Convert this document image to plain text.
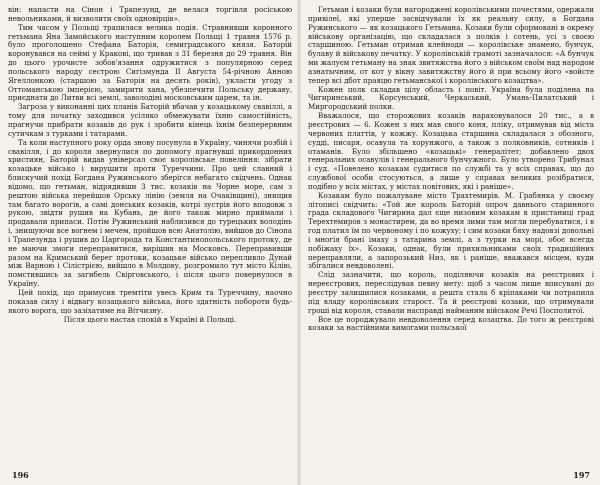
він: напасти на Сінон і Трапезунд, де велася торгівля росіською невольниками, й визволити своїх одновірців».

Тим часом у Польщі трапилася велика подія. Стравнивши коронного гетьмана Яна Замойського наступним королем Польщі 1 травня 1576 р. було проголошено Стефана Баторія, семиградського князя. Баторій коронувався на сеймі у Кракові, що тривав з 31 березня до 29 травня. Він до цього урочисте зобов'язання одружитися з популярною серед польського народу сестрою Сигізмунда II Августа 54-річною Анною Ягеллонкою (старшою за Баторія на десять років), укласти угоду з Оттоманською імперією, замирити хана, убезпечити Польську державу, приєднати до Литви всі землі, заволодіні московським царем, та ін.

Загроза у виконанні цих планів Баторій вбачав у козацькому свавіллі, а тому для початку заходився усіляко обмежувати їхню самостійність, прагнучи прибрати козаків до рук і зробити кінець їхнім безперервним сутичкам з турками і татарами.

Та коли наступного року орда знову посунула в Україну, чинячи розбій і свавілля, і до короля звернулися по допомогу прагнувші прикордонних християн, Баторій видав універсал своє королівське повеління: зібрати козацьке військо і вирушити проти Туреччини. Про цей славний і блискучий похід Богдана Ружинського зберігся небагато свідчень. Однак відомо, що гетьман, відрядивши 3 тис. козаків на Чорне море, сам з рештою війська перейшов Орську лінію (земля на Очаківщині), знищив там багато ворогів, а самі донських козаків, котрі зустрів його вподовж з рукою, звідти рушив на Кубань, де його також мирно приймали і продавали припаси. Потім Ружинський наблизився до турецьких володінь і, знищуючи все вогнем і мечем, пройшов всю Анатолію, вийшов до Сінопа і Трапезунда і рушив до Царгорода та Константинопольського протоку, де не маючи змоги переправитися, вирішив на Московсь. Переправивши разом на Кримський берег протоки, козацьке військо перепливло Дунай між Варною і Сілістрією, вийшло в Молдову, розгромило тут місто Кілію, помстившись за загибель Свірговського, і після цього повернулося в Україну.

Цей похід, що примусив тремтіти увесь Крим та Туреччину, наочно показав силу і відвагу козацького війська, його здатність побороти будь-якого ворога, що зазіхатиме на Вітчизну.

Після цього настав спокій в Україні й Польщі.

196

Гетьман і козаки були нагороджені королівськими почестями, одержали привілеї, які уперше засвідчували їх як реальну силу, а Богдана Ружинського — як козацького Гетьмана. Козаки були сформовані в окрему військову організацію, що складалася з полків і сотень, усі з своєю старшиною. Гетьман отримав клейноди — королівське знамено, бунчук, булаву й військову печатку. У королівській грамоті зазначалося: «А бунчук ми жалуєм гетьману на знак звитяжства його з військом своїм над народом азнатычним, от кот у вікну завитяжству його й при всьому його «войсте тепер всі дбот праяцю гетьманської і королівського козацтва».

Кожен полк складав цілу область і повіт. Україна була поділена на Чигиринський, Корсунський, Черкаський, Умань-Пилатський і Миргородський полки.

Вважалося, що сторожових козаків нараховувалося 20 тис., а в реєстрових — 6. Кожен з них мав свого коня, пліку, отримував від міста червоних платтів, у кожжу. Козацька старшина складалася з обозного, судді, писаря, осавула та хорунжого, а також з полковників, сотників і отаманів. Було збільшено «козацькі» генералітет; добавлено двох генеральних осавулів і генерального бунчужного. Було утворено Трибунал і суд. «Повелено козакам судитися по службі та у всіх справах, що до службової особи стосуються, а лише у справах великих розібратися, подібно у всіх містах, у містах повітових, які і раніше».

Козакам було пожалуване місто Трахтемирів. М. Грабянка у своєму літописі свідчить: «Той же король Баторій опроч давнього старинного града складового Чигирина дал єще низовим козакам в пристаниці град Терехтемиров з монастирем, да во время зими там могли перебуватися, і в год платил їм по червоному і по кожуху; і сим козаки бяху надовзі довольні і многія брані імаху з татарина землі, а з турки на морі, обоє всегда побіжаху їх». Козаки, однак, були прихильниками своїх традиційних переправляли, а запорозький Низ, як і раніше, вважався місцем, куди збігалися невдоволені.

Слід зазначити, що король, поділяючи козаків на реєстрових і нереєстрових, переслідував певну мету: щоб з часом лише вписувані до реєстру залишилися козаками, а решта стала б кріпаками чи потрапила під владу королівських старост. Та й реєстрові козаки, що отримували гроші від короля, ставали насправді найманим військом Речі Посполитої.

Все це породжувало невдоволення серед козацтва. До того ж реєстрові козаки за настійними вимогами польської

197
